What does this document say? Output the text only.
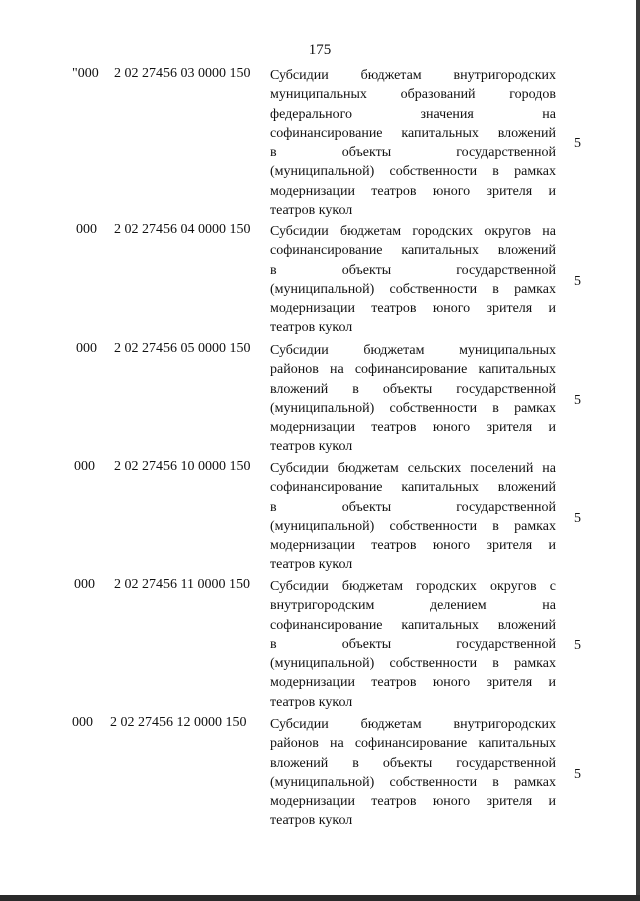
175
"000 2 02 27456 03 0000 150 Субсидии бюджетам внутригородских
муниципальных образований городов
федерального значения на
софинансирование капитальных вложений
в объекты государственной
(муниципальной) собственности в рамках
модернизации театров юного зрителя и
театров кукол
5
000 2 02 27456 04 0000 150 Субсидии бюджетам городских округов на
софинансирование капитальных вложений
в объекты государственной
(муниципальной) собственности в рамках
модернизации театров юного зрителя и
театров кукол
5
000 2 02 27456 05 0000 150 Субсидии бюджетам муниципальных
районов на софинансирование капитальных
вложений в объекты государственной
(муниципальной) собственности в рамках
модернизации театров юного зрителя и
театров кукол
5
000 2 02 27456 10 0000 150 Субсидии бюджетам сельских поселений на
софинансирование капитальных вложений
в объекты государственной
(муниципальной) собственности в рамках
модернизации театров юного зрителя и
театров кукол
5
000 2 02 27456 11 0000 150 Субсидии бюджетам городских округов с
внутригородским делением на
софинансирование капитальных вложений
в объекты государственной
(муниципальной) собственности в рамках
модернизации театров юного зрителя и
театров кукол
5
000 2 02 27456 12 0000 150 Субсидии бюджетам внутригородских
районов на софинансирование капитальных
вложений в объекты государственной
(муниципальной) собственности в рамках
модернизации театров юного зрителя и
театров кукол
5
